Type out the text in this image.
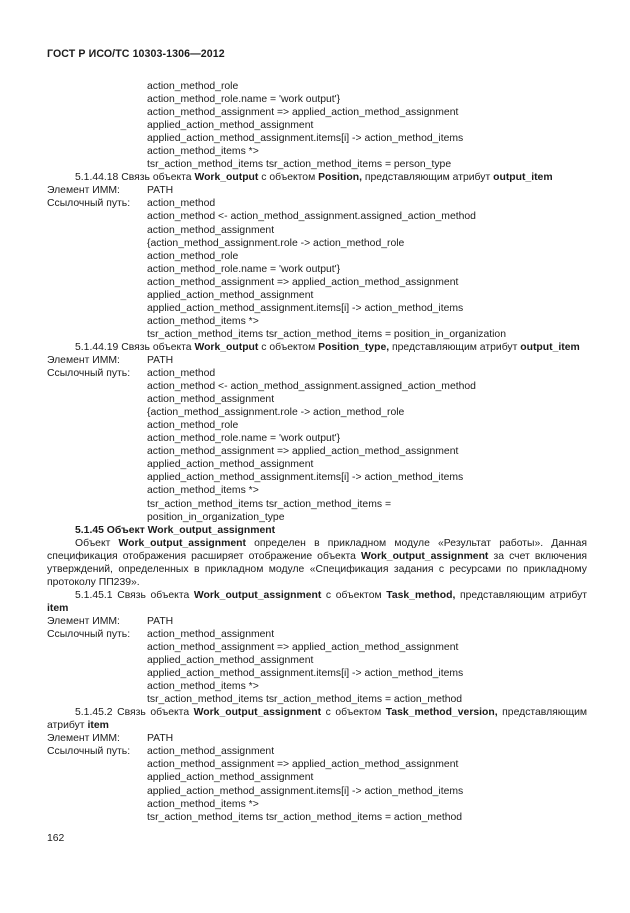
ГОСТ Р ИСО/ТС 10303-1306—2012
action_method_role
action_method_role.name = 'work output'}
action_method_assignment => applied_action_method_assignment
applied_action_method_assignment
applied_action_method_assignment.items[i] -> action_method_items
action_method_items *>
tsr_action_method_items tsr_action_method_items = person_type
5.1.44.18 Связь объекта Work_output с объектом Position, представляющим атрибут output_item
Элемент ИММ:	PATH
Ссылочный путь: action_method
action_method <- action_method_assignment.assigned_action_method
action_method_assignment
{action_method_assignment.role -> action_method_role
action_method_role
action_method_role.name = 'work output'}
action_method_assignment => applied_action_method_assignment
applied_action_method_assignment
applied_action_method_assignment.items[i] -> action_method_items
action_method_items *>
tsr_action_method_items tsr_action_method_items = position_in_organization
5.1.44.19 Связь объекта Work_output с объектом Position_type, представляющим атрибут output_item
Элемент ИММ:	PATH
Ссылочный путь: action_method
action_method <- action_method_assignment.assigned_action_method
action_method_assignment
{action_method_assignment.role -> action_method_role
action_method_role
action_method_role.name = 'work output'}
action_method_assignment => applied_action_method_assignment
applied_action_method_assignment
applied_action_method_assignment.items[i] -> action_method_items
action_method_items *>
tsr_action_method_items tsr_action_method_items =
position_in_organization_type
5.1.45 Объект Work_output_assignment
Объект Work_output_assignment определен в прикладном модуле «Результат работы». Данная спецификация отображения расширяет отображение объекта Work_output_assignment за счет включения утверждений, определенных в прикладном модуле «Спецификация задания с ресурсами по прикладному протоколу ПП239».
5.1.45.1 Связь объекта Work_output_assignment с объектом Task_method, представляющим атрибут item
Элемент ИММ:	PATH
Ссылочный путь: action_method_assignment
action_method_assignment => applied_action_method_assignment
applied_action_method_assignment
applied_action_method_assignment.items[i] -> action_method_items
action_method_items *>
tsr_action_method_items tsr_action_method_items = action_method
5.1.45.2 Связь объекта Work_output_assignment с объектом Task_method_version, представляющим атрибут item
Элемент ИММ:	PATH
Ссылочный путь: action_method_assignment
action_method_assignment => applied_action_method_assignment
applied_action_method_assignment
applied_action_method_assignment.items[i] -> action_method_items
action_method_items *>
tsr_action_method_items tsr_action_method_items = action_method
162
